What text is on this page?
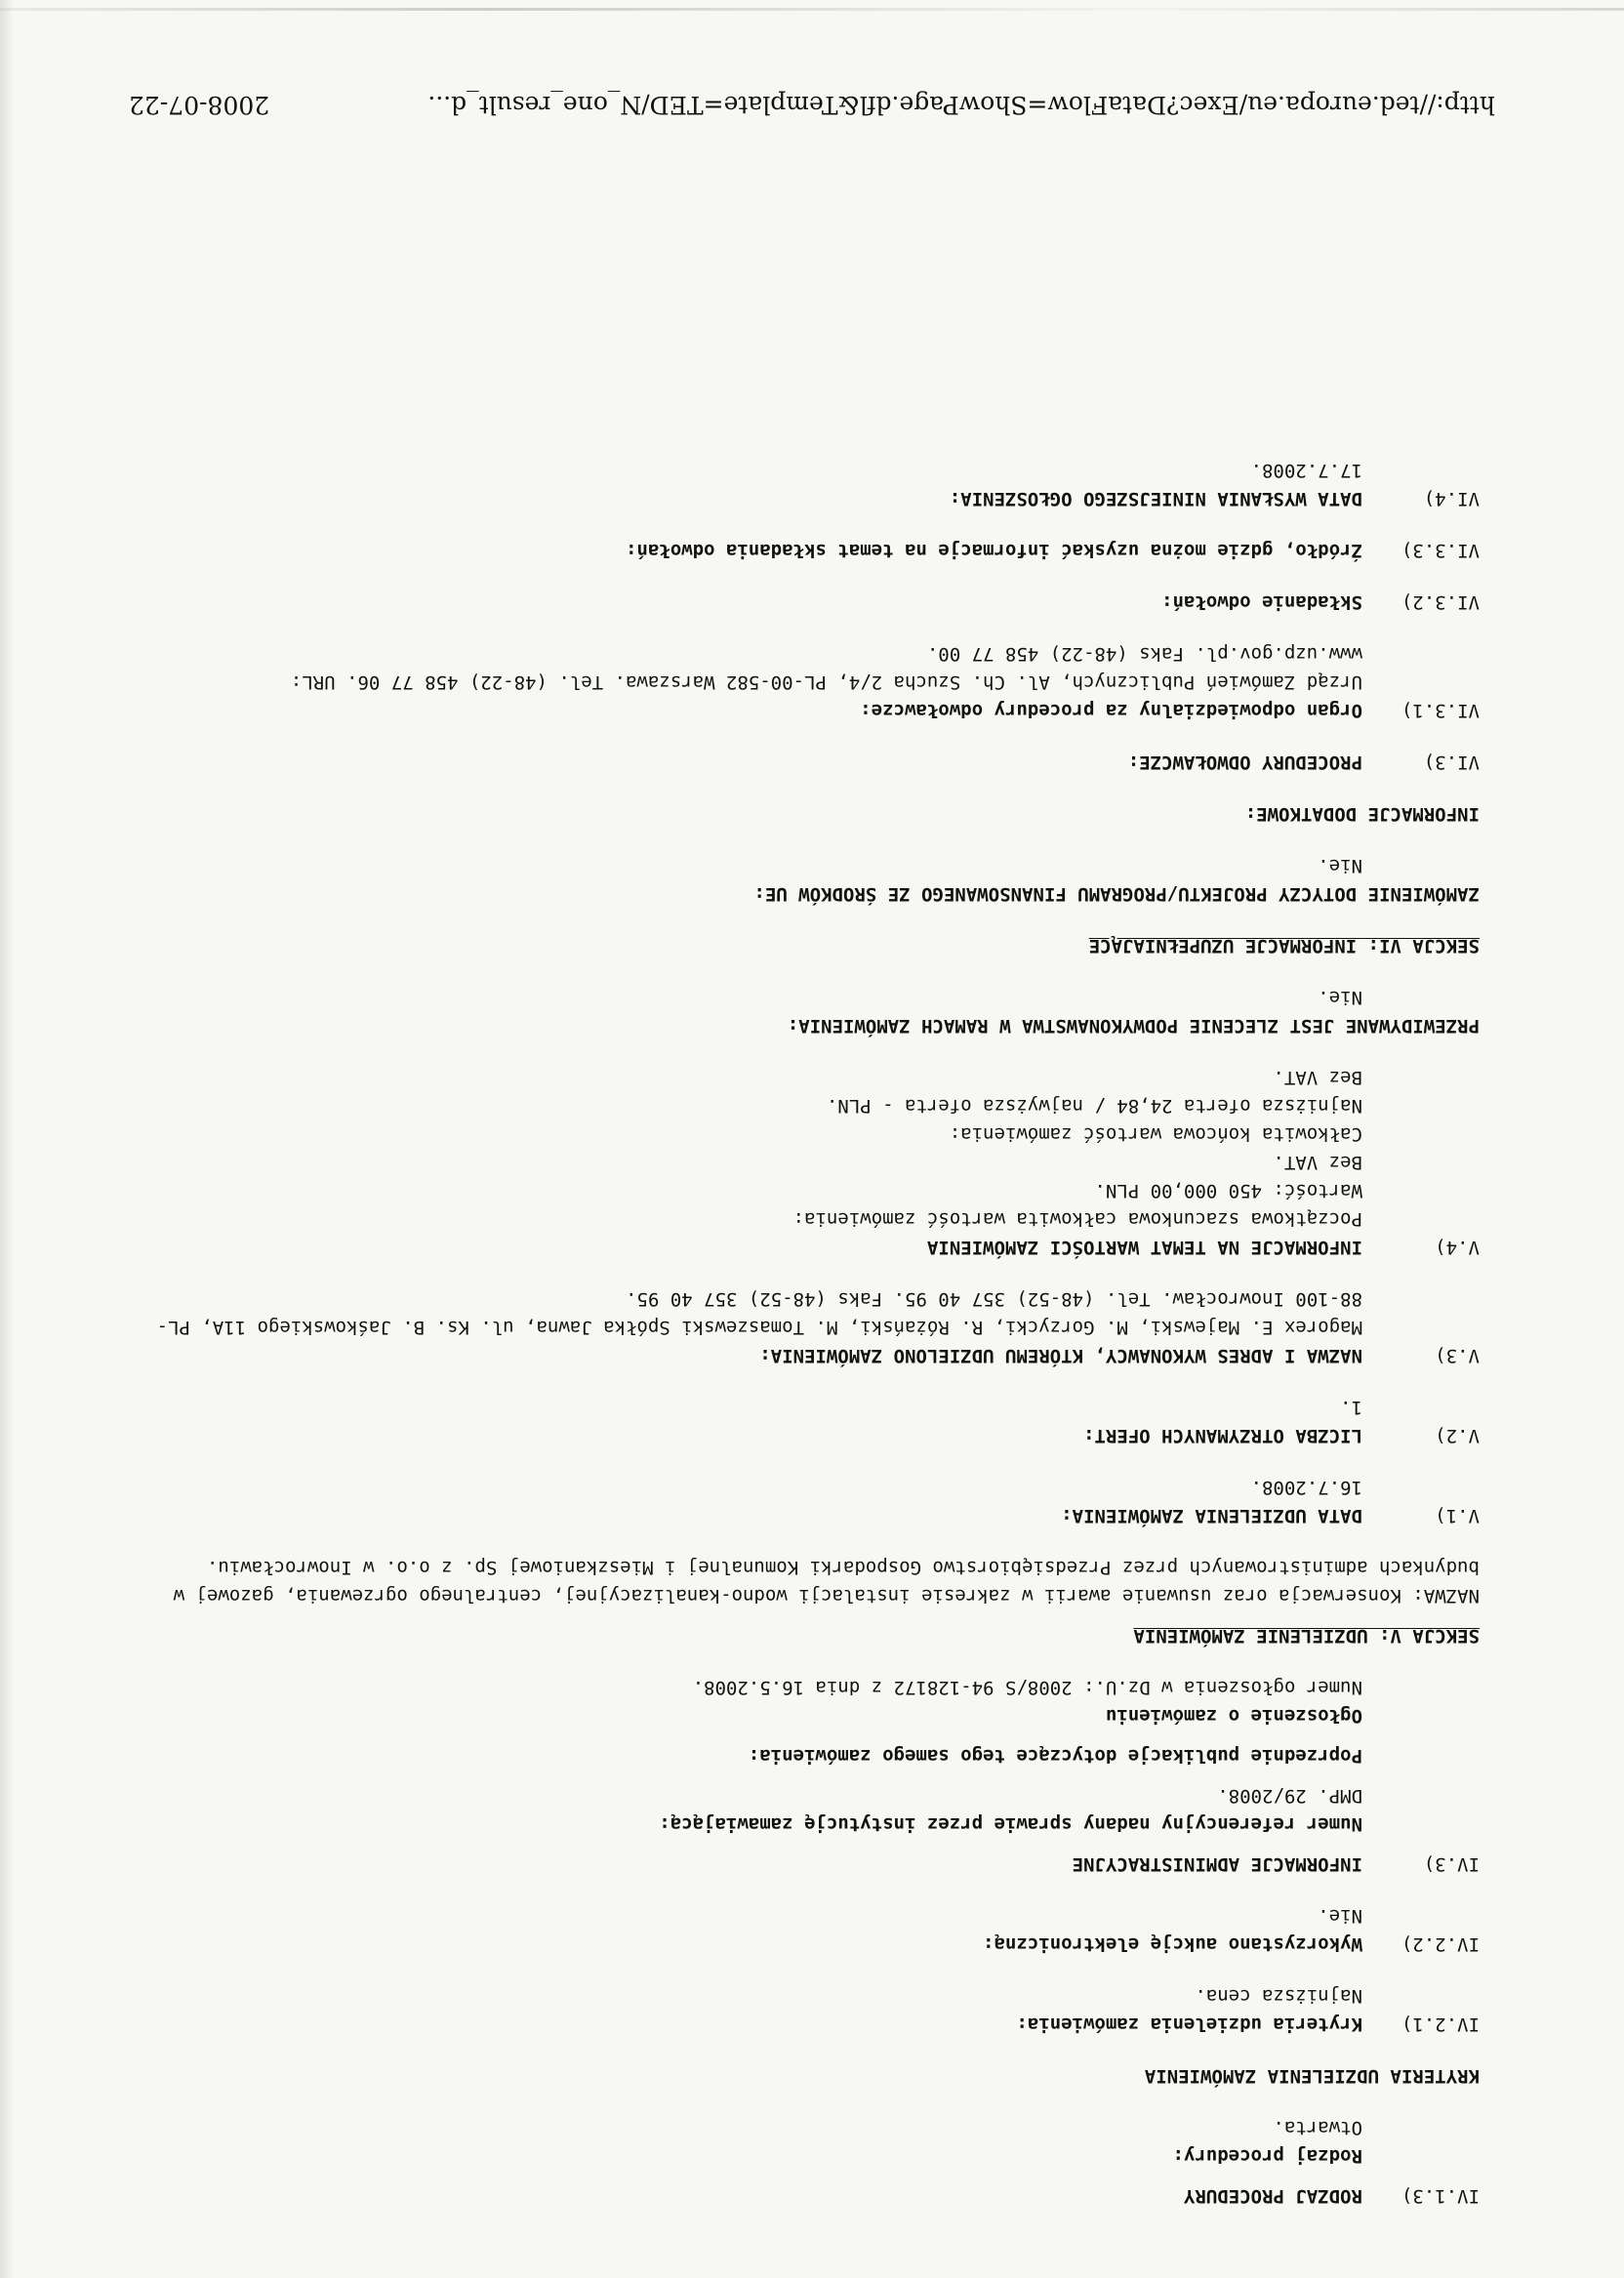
IV.1.3)
RODZAJ PROCEDURY
Rodzaj procedury:
Otwarta.
KRYTERIA UDZIELENIA ZAMÓWIENIA
IV.2.1)
Kryteria udzielenia zamówienia:
Najniższa cena.
IV.2.2)
Wykorzystano aukcję elektroniczną:
Nie.
IV.3)
INFORMACJE ADMINISTRACYJNE
Numer referencyjny nadany sprawie przez instytucję zamawiającą:
DMP. 29/2008.
Poprzednie publikacje dotyczące tego samego zamówienia:
Ogłoszenie o zamówieniu
Numer ogłoszenia w Dz.U.: 2008/S 94-128172 z dnia 16.5.2008.
SEKCJA V: UDZIELENIE ZAMÓWIENIA
NAZWA: Konserwacja oraz usuwanie awarii w zakresie instalacji wodno-kanalizacyjnej, centralnego ogrzewania, gazowej w budynkach administrowanych przez Przedsiębiorstwo Gospodarki Komunalnej i Mieszkaniowej Sp. z o.o. w Inowrocławiu.
V.1)
DATA UDZIELENIA ZAMÓWIENIA:
16.7.2008.
V.2)
LICZBA OTRZYMANYCH OFERT:
1.
V.3)
NAZWA I ADRES WYKONAWCY, KTÓREMU UDZIELONO ZAMÓWIENIA:
Magorex E. Majewski, M. Gorzycki, R. Różański, M. Tomaszewski Spółka Jawna, ul. Ks. B. Jaśkowskiego 11A, PL-88-100 Inowrocław. Tel. (48-52) 357 40 95. Faks (48-52) 357 40 95.
V.4)
INFORMACJE NA TEMAT WARTOŚCI ZAMÓWIENIA
Początkowa szacunkowa całkowita wartość zamówienia:
Wartość: 450 000,00 PLN.
Bez VAT.
Całkowita końcowa wartość zamówienia:
Najniższa oferta 24,84 / najwyższa oferta - PLN.
Bez VAT.
PRZEWIDYWANE JEST ZLECENIE PODWYKONAWSTWA W RAMACH ZAMÓWIENIA:
Nie.
SEKCJA VI: INFORMACJE UZUPEŁNIAJĄCE
ZAMÓWIENIE DOTYCZY PROJEKTU/PROGRAMU FINANSOWANEGO ZE ŚRODKÓW UE:
Nie.
INFORMACJE DODATKOWE:
VI.3)
PROCEDURY ODWOŁAWCZE:
VI.3.1)
Organ odpowiedzialny za procedury odwoławcze:
Urząd Zamówień Publicznych, Al. Ch. Szucha 2/4, PL-00-582 Warszawa. Tel. (48-22) 458 77 06. URL: www.uzp.gov.pl. Faks (48-22) 458 77 00.
VI.3.2)
Składanie odwołań:
VI.3.3)
Źródło, gdzie można uzyskać informacje na temat składania odwołań:
VI.4)
DATA WYSŁANIA NINIEJSZEGO OGŁOSZENIA:
17.7.2008.
http://ted.europa.eu/Exec?DataFlow=ShowPage.dfl&Template=TED/N_one_result_d...
2008-07-22
